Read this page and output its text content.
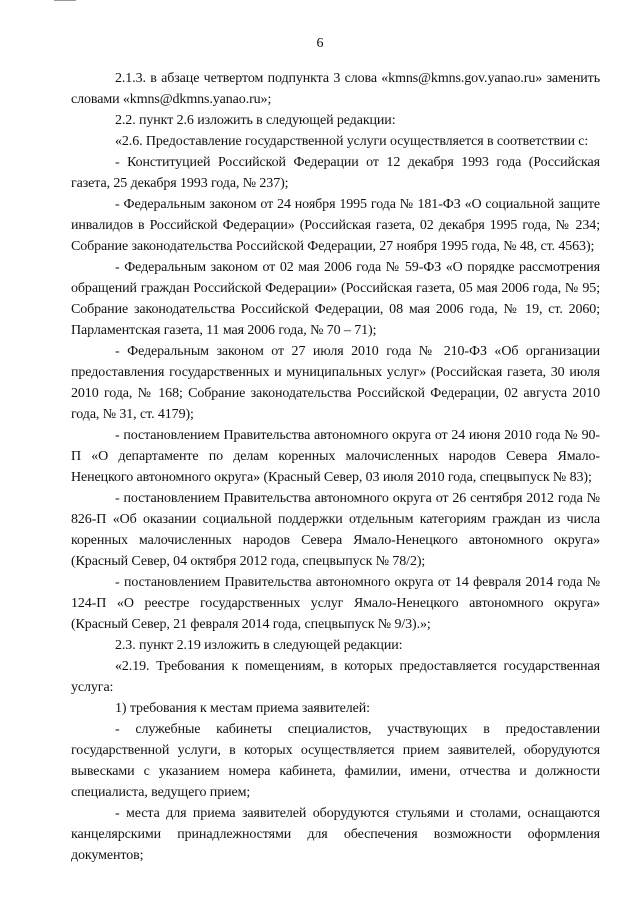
6

2.1.3. в абзаце четвертом подпункта 3 слова «kmns@kmns.gov.yanao.ru» заменить словами «kmns@dkmns.yanao.ru»;

2.2. пункт 2.6 изложить в следующей редакции:

«2.6. Предоставление государственной услуги осуществляется в соответствии с:

- Конституцией Российской Федерации от 12 декабря 1993 года (Российская газета, 25 декабря 1993 года, № 237);

- Федеральным законом от 24 ноября 1995 года № 181-ФЗ «О социальной защите инвалидов в Российской Федерации» (Российская газета, 02 декабря 1995 года, № 234; Собрание законодательства Российской Федерации, 27 ноября 1995 года, № 48, ст. 4563);

- Федеральным законом от 02 мая 2006 года № 59-ФЗ «О порядке рассмотрения обращений граждан Российской Федерации» (Российская газета, 05 мая 2006 года, № 95; Собрание законодательства Российской Федерации, 08 мая 2006 года, № 19, ст. 2060; Парламентская газета, 11 мая 2006 года, № 70 – 71);

- Федеральным законом от 27 июля 2010 года № 210-ФЗ «Об организации предоставления государственных и муниципальных услуг» (Российская газета, 30 июля 2010 года, № 168; Собрание законодательства Российской Федерации, 02 августа 2010 года, № 31, ст. 4179);

- постановлением Правительства автономного округа от 24 июня 2010 года № 90-П «О департаменте по делам коренных малочисленных народов Севера Ямало-Ненецкого автономного округа» (Красный Север, 03 июля 2010 года, спецвыпуск № 83);

- постановлением Правительства автономного округа от 26 сентября 2012 года № 826-П «Об оказании социальной поддержки отдельным категориям граждан из числа коренных малочисленных народов Севера Ямало-Ненецкого автономного округа» (Красный Север, 04 октября 2012 года, спецвыпуск № 78/2);

- постановлением Правительства автономного округа от 14 февраля 2014 года № 124-П «О реестре государственных услуг Ямало-Ненецкого автономного округа» (Красный Север, 21 февраля 2014 года, спецвыпуск № 9/3).»;

2.3. пункт 2.19 изложить в следующей редакции:

«2.19. Требования к помещениям, в которых предоставляется государственная услуга:

1) требования к местам приема заявителей:

- служебные кабинеты специалистов, участвующих в предоставлении государственной услуги, в которых осуществляется прием заявителей, оборудуются вывесками с указанием номера кабинета, фамилии, имени, отчества и должности специалиста, ведущего прием;

- места для приема заявителей оборудуются стульями и столами, оснащаются канцелярскими принадлежностями для обеспечения возможности оформления документов;
